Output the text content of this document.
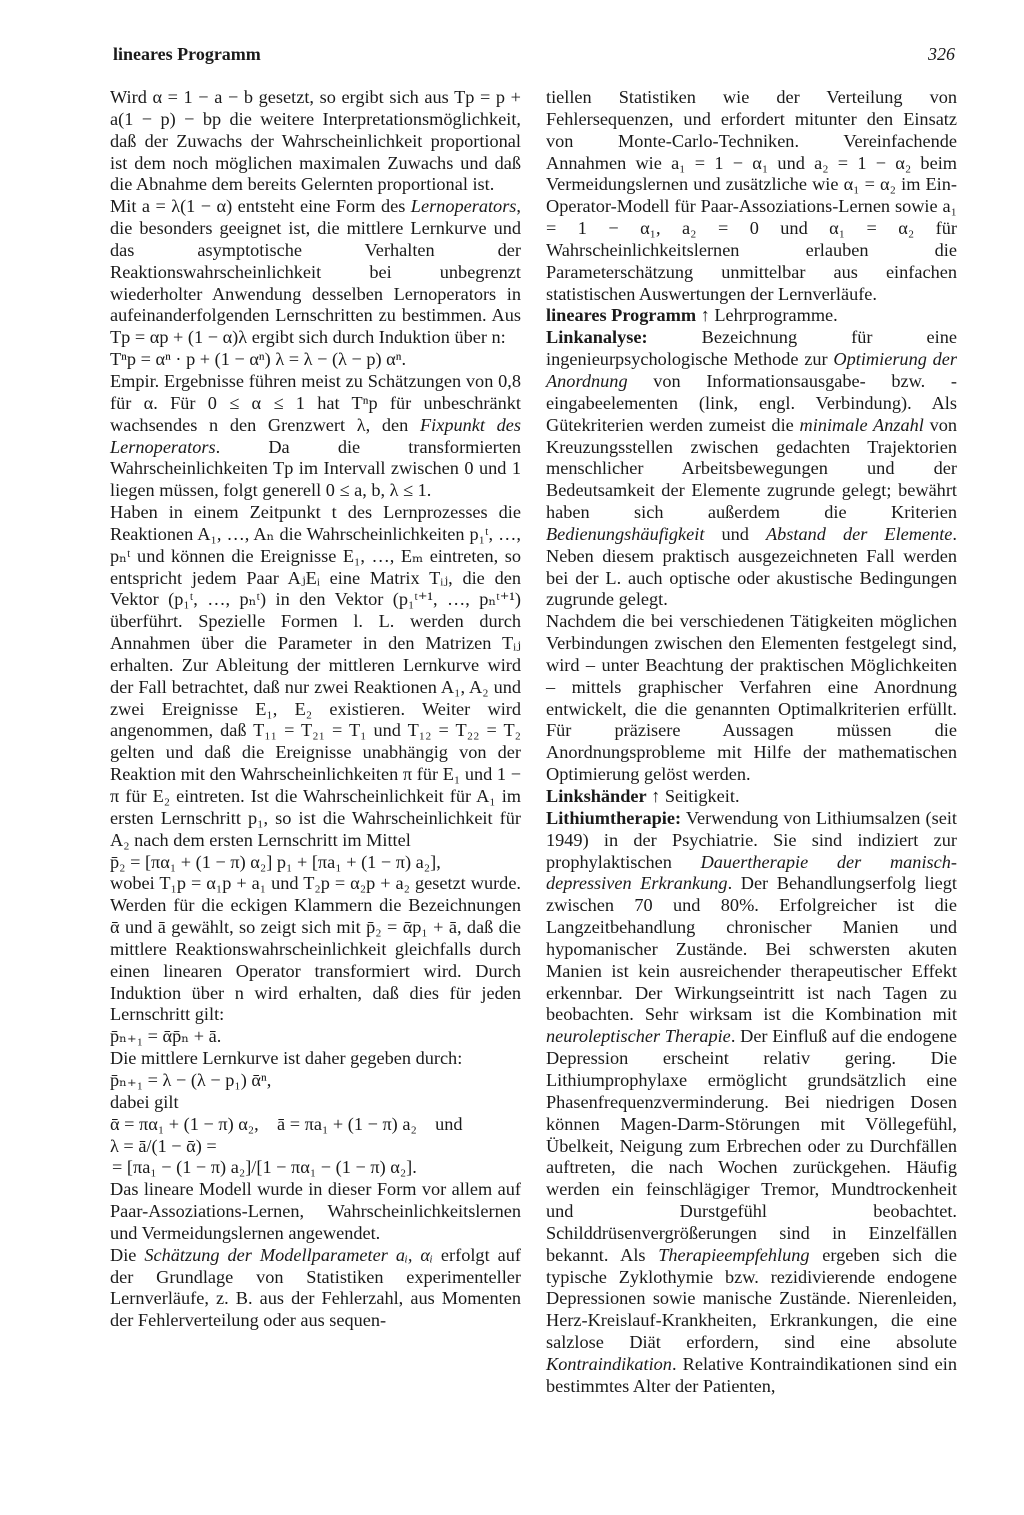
lineares Programm	326

Wird α = 1 − a − b gesetzt, so ergibt sich aus Tp = p + a(1 − p) − bp die weitere Interpretationsmöglichkeit, daß der Zuwachs der Wahrscheinlichkeit proportional ist dem noch möglichen maximalen Zuwachs und daß die Abnahme dem bereits Gelernten proportional ist.

Mit a = λ(1 − α) entsteht eine Form des Lernoperators, die besonders geeignet ist, die mittlere Lernkurve und das asymptotische Verhalten der Reaktionswahrscheinlichkeit bei unbegrenzt wiederholter Anwendung desselben Lernoperators in aufeinanderfolgenden Lernschritten zu bestimmen. Aus Tp = αp + (1 − α)λ ergibt sich durch Induktion über n:

Tⁿp = αⁿ · p + (1 − αⁿ) λ = λ − (λ − p) αⁿ.

Empir. Ergebnisse führen meist zu Schätzungen von 0,8 für α. Für 0 ≤ α ≤ 1 hat Tⁿp für unbeschränkt wachsendes n den Grenzwert λ, den Fixpunkt des Lernoperators. Da die transformierten Wahrscheinlichkeiten Tp im Intervall zwischen 0 und 1 liegen müssen, folgt generell 0 ≤ a, b, λ ≤ 1.

Haben in einem Zeitpunkt t des Lernprozesses die Reaktionen A₁, …, Aₙ die Wahrscheinlichkeiten p₁ᵗ, …, pₙᵗ und können die Ereignisse E₁, …, Eₘ eintreten, so entspricht jedem Paar AⱼEᵢ eine Matrix Tᵢⱼ, die den Vektor (p₁ᵗ, …, pₙᵗ) in den Vektor (p₁ᵗ⁺¹, …, pₙᵗ⁺¹) überführt. Spezielle Formen l. L. werden durch Annahmen über die Parameter in den Matrizen Tᵢⱼ erhalten. Zur Ableitung der mittleren Lernkurve wird der Fall betrachtet, daß nur zwei Reaktionen A₁, A₂ und zwei Ereignisse E₁, E₂ existieren. Weiter wird angenommen, daß T₁₁ = T₂₁ = T₁ und T₁₂ = T₂₂ = T₂ gelten und daß die Ereignisse unabhängig von der Reaktion mit den Wahrscheinlichkeiten π für E₁ und 1 − π für E₂ eintreten. Ist die Wahrscheinlichkeit für A₁ im ersten Lernschritt p₁, so ist die Wahrscheinlichkeit für A₂ nach dem ersten Lernschritt im Mittel

p̄₂ = [πα₁ + (1 − π) α₂] p₁ + [πa₁ + (1 − π) a₂],

wobei T₁p = α₁p + a₁ und T₂p = α₂p + a₂ gesetzt wurde. Werden für die eckigen Klammern die Bezeichnungen ᾱ und ā gewählt, so zeigt sich mit p̄₂ = ᾱp₁ + ā, daß die mittlere Reaktionswahrscheinlichkeit gleichfalls durch einen linearen Operator transformiert wird. Durch Induktion über n wird erhalten, daß dies für jeden Lernschritt gilt:

p̄ₙ₊₁ = ᾱp̄ₙ + ā.

Die mittlere Lernkurve ist daher gegeben durch:

p̄ₙ₊₁ = λ − (λ − p₁) ᾱⁿ,

dabei gilt

ᾱ = πα₁ + (1 − π) α₂, ā = πa₁ + (1 − π) a₂ und

λ = ā/(1 − ᾱ) =

= [πa₁ − (1 − π) a₂]/[1 − πα₁ − (1 − π) α₂].

Das lineare Modell wurde in dieser Form vor allem auf Paar-Assoziations-Lernen, Wahrscheinlichkeitslernen und Vermeidungslernen angewendet.

Die Schätzung der Modellparameter aᵢ, αᵢ erfolgt auf der Grundlage von Statistiken experimenteller Lernverläufe, z. B. aus der Fehlerzahl, aus Momenten der Fehlerverteilung oder aus sequen-

tiellen Statistiken wie der Verteilung von Fehlersequenzen, und erfordert mitunter den Einsatz von Monte-Carlo-Techniken. Vereinfachende Annahmen wie a₁ = 1 − α₁ und a₂ = 1 − α₂ beim Vermeidungslernen und zusätzliche wie α₁ = α₂ im Ein-Operator-Modell für Paar-Assoziations-Lernen sowie a₁ = 1 − α₁, a₂ = 0 und α₁ = α₂ für Wahrscheinlichkeitslernen erlauben die Parameterschätzung unmittelbar aus einfachen statistischen Auswertungen der Lernverläufe.

lineares Programm ↑ Lehrprogramme.

Linkanalyse: Bezeichnung für eine ingenieurpsychologische Methode zur Optimierung der Anordnung von Informationsausgabe- bzw. -eingabeelementen (link, engl. Verbindung). Als Gütekriterien werden zumeist die minimale Anzahl von Kreuzungsstellen zwischen gedachten Trajektorien menschlicher Arbeitsbewegungen und der Bedeutsamkeit der Elemente zugrunde gelegt; bewährt haben sich außerdem die Kriterien Bedienungshäufigkeit und Abstand der Elemente. Neben diesem praktisch ausgezeichneten Fall werden bei der L. auch optische oder akustische Bedingungen zugrunde gelegt.

Nachdem die bei verschiedenen Tätigkeiten möglichen Verbindungen zwischen den Elementen festgelegt sind, wird – unter Beachtung der praktischen Möglichkeiten – mittels graphischer Verfahren eine Anordnung entwickelt, die die genannten Optimalkriterien erfüllt. Für präzisere Aussagen müssen die Anordnungsprobleme mit Hilfe der mathematischen Optimierung gelöst werden.

Linkshänder ↑ Seitigkeit.

Lithiumtherapie: Verwendung von Lithiumsalzen (seit 1949) in der Psychiatrie. Sie sind indiziert zur prophylaktischen Dauertherapie der manisch-depressiven Erkrankung. Der Behandlungserfolg liegt zwischen 70 und 80%. Erfolgreicher ist die Langzeitbehandlung chronischer Manien und hypomanischer Zustände. Bei schwersten akuten Manien ist kein ausreichender therapeutischer Effekt erkennbar. Der Wirkungseintritt ist nach Tagen zu beobachten. Sehr wirksam ist die Kombination mit neuroleptischer Therapie. Der Einfluß auf die endogene Depression erscheint relativ gering. Die Lithiumprophylaxe ermöglicht grundsätzlich eine Phasenfrequenzverminderung. Bei niedrigen Dosen können Magen-Darm-Störungen mit Völlegefühl, Übelkeit, Neigung zum Erbrechen oder zu Durchfällen auftreten, die nach Wochen zurückgehen. Häufig werden ein feinschlägiger Tremor, Mundtrockenheit und Durstgefühl beobachtet. Schilddrüsenvergrößerungen sind in Einzelfällen bekannt. Als Therapieempfehlung ergeben sich die typische Zyklothymie bzw. rezidivierende endogene Depressionen sowie manische Zustände. Nierenleiden, Herz-Kreislauf-Krankheiten, Erkrankungen, die eine salzlose Diät erfordern, sind eine absolute Kontraindikation. Relative Kontraindikationen sind ein bestimmtes Alter der Patienten,
